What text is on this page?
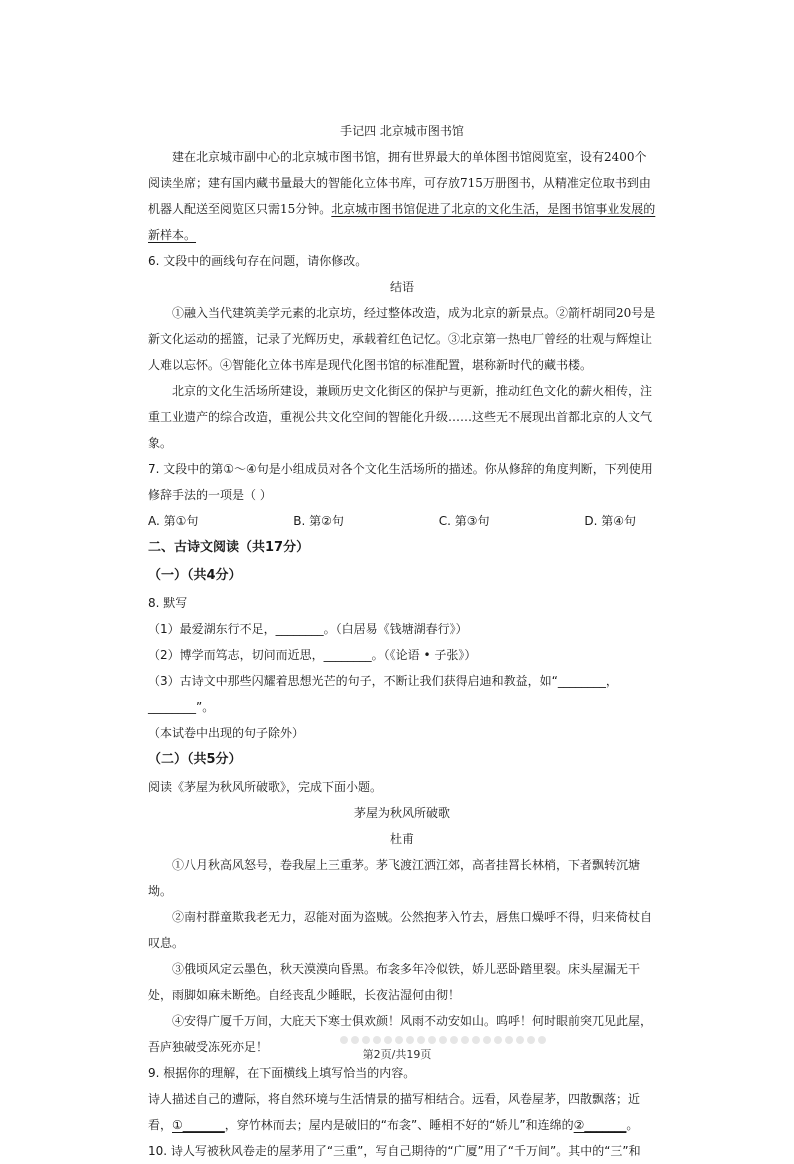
手记四 北京城市图书馆

建在北京城市副中心的北京城市图书馆，拥有世界最大的单体图书馆阅览室，设有2400个阅读坐席；建有国内藏书量最大的智能化立体书库，可存放715万册图书，从精准定位取书到由机器人配送至阅览区只需15分钟。北京城市图书馆促进了北京的文化生活，是图书馆事业发展的新样本。

6. 文段中的画线句存在问题，请你修改。

结语

①融入当代建筑美学元素的北京坊，经过整体改造，成为北京的新景点。②箭杆胡同20号是新文化运动的摇篮，记录了光辉历史，承载着红色记忆。③北京第一热电厂曾经的壮观与辉煌让人难以忘怀。④智能化立体书库是现代化图书馆的标准配置，堪称新时代的藏书楼。

北京的文化生活场所建设，兼顾历史文化街区的保护与更新，推动红色文化的薪火相传，注重工业遗产的综合改造，重视公共文化空间的智能化升级……这些无不展现出首都北京的人文气象。

7. 文段中的第①～④句是小组成员对各个文化生活场所的描述。你从修辞的角度判断，下列使用修辞手法的一项是（ ）

A. 第①句	B. 第②句	C. 第③句	D. 第④句

二、古诗文阅读（共17分）

（一）（共4分）

8. 默写

（1）最爱湖东行不足，________。（白居易《钱塘湖春行》）

（2）博学而笃志，切问而近思，________。（《论语 • 子张》）

（3）古诗文中那些闪耀着思想光芒的句子，不断让我们获得启迪和教益，如“________，________”。

（本试卷中出现的句子除外）

（二）（共5分）

阅读《茅屋为秋风所破歌》，完成下面小题。

茅屋为秋风所破歌

杜甫

①八月秋高风怒号，卷我屋上三重茅。茅飞渡江洒江郊，高者挂罥长林梢，下者飘转沉塘坳。

②南村群童欺我老无力，忍能对面为盗贼。公然抱茅入竹去，唇焦口燥呼不得，归来倚杖自叹息。

③俄顷风定云墨色，秋天漠漠向昏黑。布衾多年冷似铁，娇儿恶卧踏里裂。床头屋漏无干处，雨脚如麻未断绝。自经丧乱少睡眠，长夜沾湿何由彻！

④安得广厦千万间，大庇天下寒士俱欢颜！风雨不动安如山。呜呼！何时眼前突兀见此屋，吾庐独破受冻死亦足！

9. 根据你的理解，在下面横线上填写恰当的内容。

诗人描述自己的遭际，将自然环境与生活情景的描写相结合。远看，风卷屋茅，四散飘落；近看，①_______，穿竹林而去；屋内是破旧的“布衾”、睡相不好的“娇儿”和连绵的②_______。

10. 诗人写被秋风卷走的屋茅用了“三重”，写自己期待的“广厦”用了“千万间”。其中的“三”和

第2页/共19页
